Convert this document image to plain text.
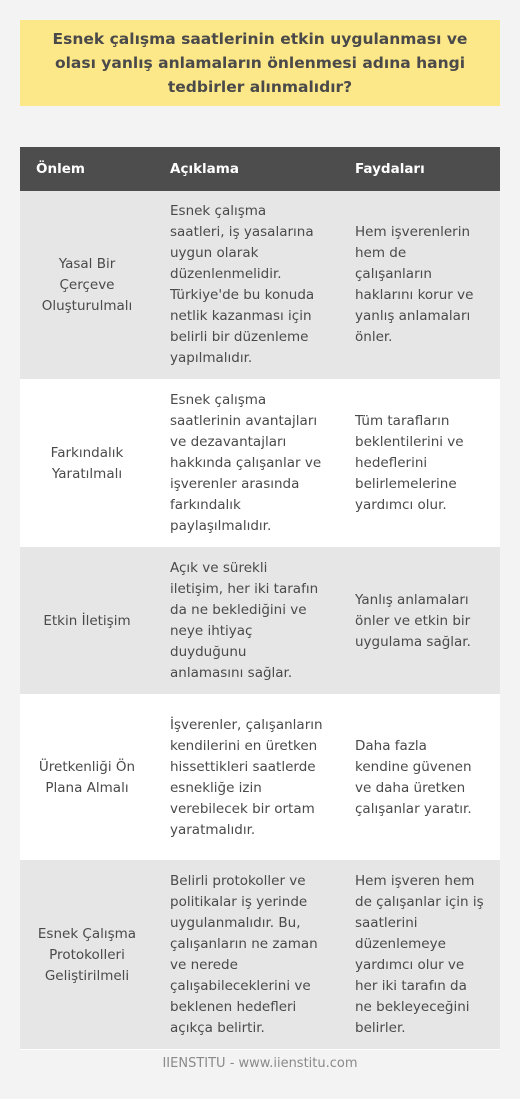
Esnek çalışma saatlerinin etkin uygulanması ve olası yanlış anlamaların önlenmesi adına hangi tedbirler alınmalıdır?
Önlem	Açıklama	Faydaları
Yasal Bir Çerçeve Oluşturulmalı	Esnek çalışma saatleri, iş yasalarına uygun olarak düzenlenmelidir. Türkiye'de bu konuda netlik kazanması için belirli bir düzenleme yapılmalıdır.	Hem işverenlerin hem de çalışanların haklarını korur ve yanlış anlamaları önler.
Farkındalık Yaratılmalı	Esnek çalışma saatlerinin avantajları ve dezavantajları hakkında çalışanlar ve işverenler arasında farkındalık paylaşılmalıdır.	Tüm tarafların beklentilerini ve hedeflerini belirlemelerine yardımcı olur.
Etkin İletişim	Açık ve sürekli iletişim, her iki tarafın da ne beklediğini ve neye ihtiyaç duyduğunu anlamasını sağlar.	Yanlış anlamaları önler ve etkin bir uygulama sağlar.
Üretkenliği Ön Plana Almalı	İşverenler, çalışanların kendilerini en üretken hissettikleri saatlerde esnekliğe izin verebilecek bir ortam yaratmalıdır.	Daha fazla kendine güvenen ve daha üretken çalışanlar yaratır.
Esnek Çalışma Protokolleri Geliştirilmeli	Belirli protokoller ve politikalar iş yerinde uygulanmalıdır. Bu, çalışanların ne zaman ve nerede çalışabileceklerini ve beklenen hedefleri açıkça belirtir.	Hem işveren hem de çalışanlar için iş saatlerini düzenlemeye yardımcı olur ve her iki tarafın da ne bekleyeceğini belirler.
IIENSTITU - www.iienstitu.com
